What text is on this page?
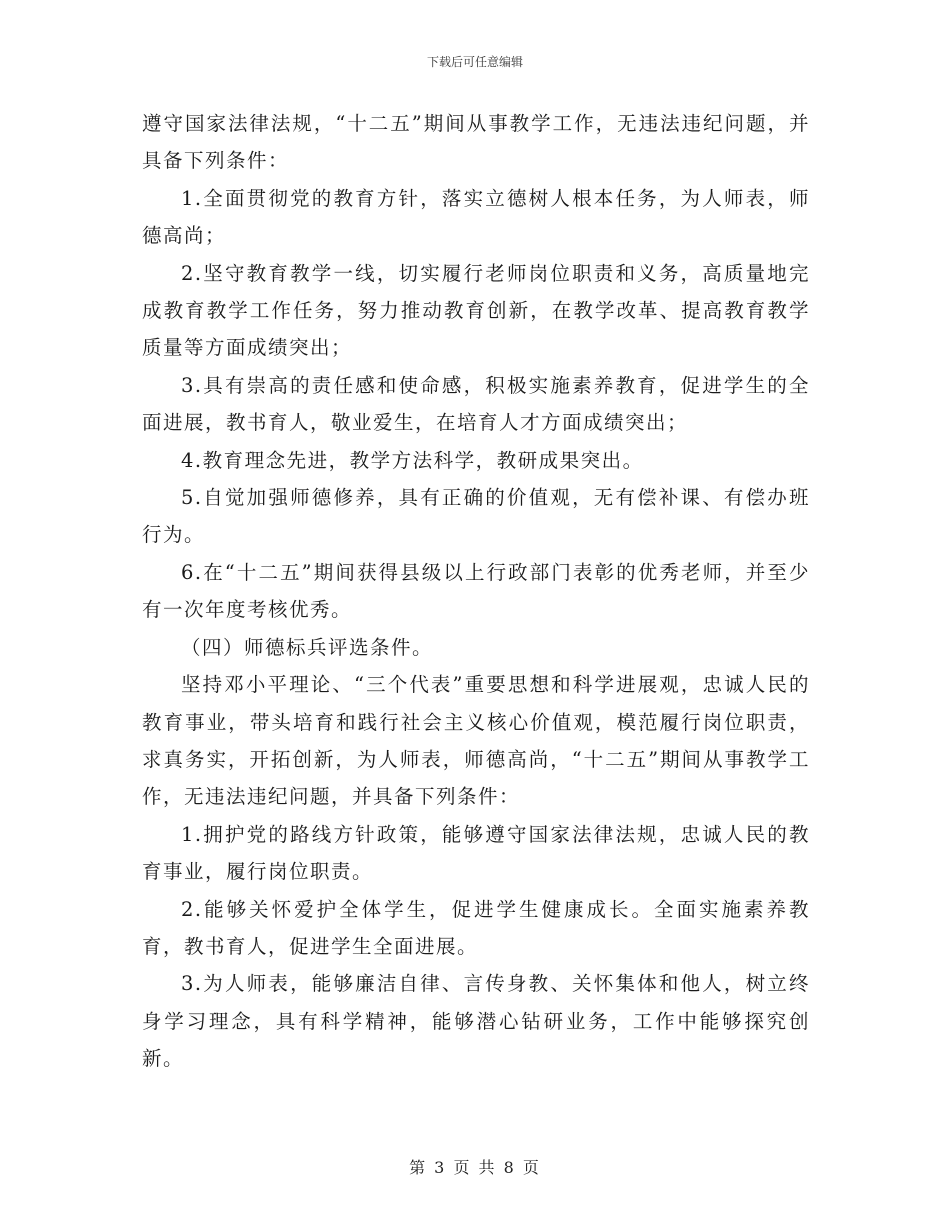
下载后可任意编辑

遵守国家法律法规，“十二五”期间从事教学工作，无违法违纪问题，并具备下列条件：

1.全面贯彻党的教育方针，落实立德树人根本任务，为人师表，师德高尚；

2.坚守教育教学一线，切实履行老师岗位职责和义务，高质量地完成教育教学工作任务，努力推动教育创新，在教学改革、提高教育教学质量等方面成绩突出；

3.具有崇高的责任感和使命感，积极实施素养教育，促进学生的全面进展，教书育人，敬业爱生，在培育人才方面成绩突出；

4.教育理念先进，教学方法科学，教研成果突出。

5.自觉加强师德修养，具有正确的价值观，无有偿补课、有偿办班行为。

6.在“十二五”期间获得县级以上行政部门表彰的优秀老师，并至少有一次年度考核优秀。

（四）师德标兵评选条件。

坚持邓小平理论、“三个代表”重要思想和科学进展观，忠诚人民的教育事业，带头培育和践行社会主义核心价值观，模范履行岗位职责，求真务实，开拓创新，为人师表，师德高尚，“十二五”期间从事教学工作，无违法违纪问题，并具备下列条件：

1.拥护党的路线方针政策，能够遵守国家法律法规，忠诚人民的教育事业，履行岗位职责。

2.能够关怀爱护全体学生，促进学生健康成长。全面实施素养教育，教书育人，促进学生全面进展。

3.为人师表，能够廉洁自律、言传身教、关怀集体和他人，树立终身学习理念，具有科学精神，能够潜心钻研业务，工作中能够探究创新。

第 3 页 共 8 页
